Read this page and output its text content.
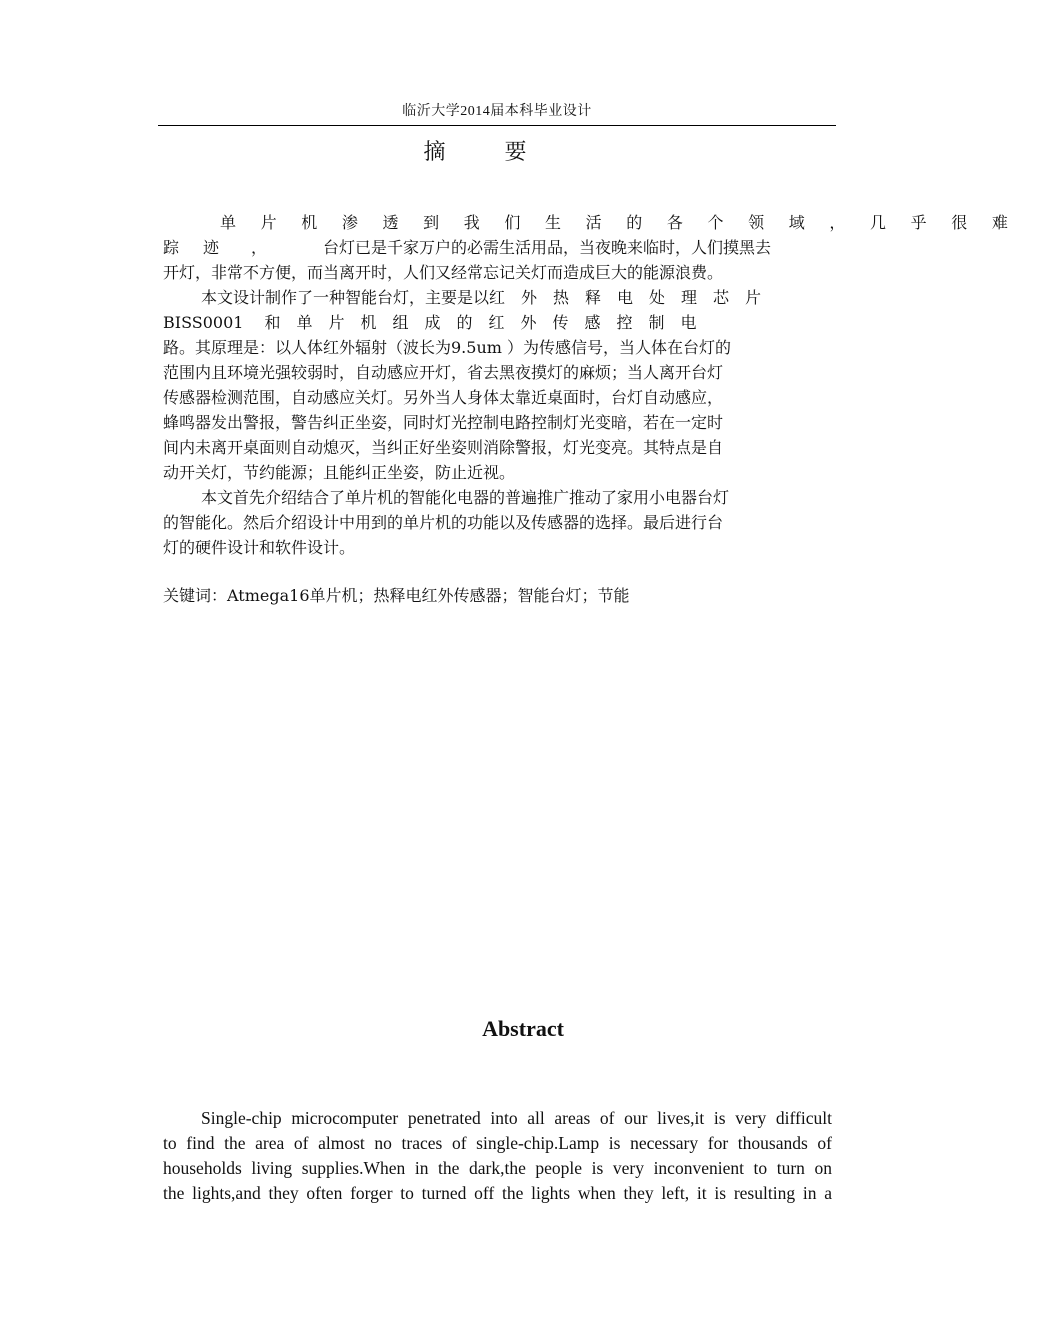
临沂大学2014届本科毕业设计
摘 要
单 片 机 渗 透 到 我 们 生 活 的 各 个 领 域 ， 几 乎 很 难
踪	迹	，	台灯已是千家万户的必需生活用品，当夜晚来临时，人们摸黑去
开灯，非常不方便，而当离开时，人们又经常忘记关灯而造成巨大的能源浪费。
本文设计制作了一种智能台灯，主要是以红　外　热　释　电　处　理　芯　片
BISS0001　 和　单　片　机　组　成　的　红　外　传　感　控　制　电
路。其原理是：以人体红外辐射（波长为9.5um ）为传感信号，当人体在台灯的
范围内且环境光强较弱时，自动感应开灯，省去黑夜摸灯的麻烦；当人离开台灯
传感器检测范围，自动感应关灯。另外当人身体太靠近桌面时，台灯自动感应，
蜂鸣器发出警报，警告纠正坐姿，同时灯光控制电路控制灯光变暗，若在一定时
间内未离开桌面则自动熄灭，当纠正好坐姿则消除警报，灯光变亮。其特点是自
动开关灯，节约能源；且能纠正坐姿，防止近视。
本文首先介绍结合了单片机的智能化电器的普遍推广推动了家用小电器台灯
的智能化。然后介绍设计中用到的单片机的功能以及传感器的选择。最后进行台
灯的硬件设计和软件设计。
关键词：Atmega16单片机；热释电红外传感器；智能台灯；节能
Abstract
Single-chip microcomputer penetrated into all areas of our lives,it is very difficult
to find the area of almost no traces of single-chip.Lamp is necessary for thousands of
households living supplies.When in the dark,the people is very inconvenient to turn on
the lights,and they often forger to turned off the lights when they left, it is resulting in a
